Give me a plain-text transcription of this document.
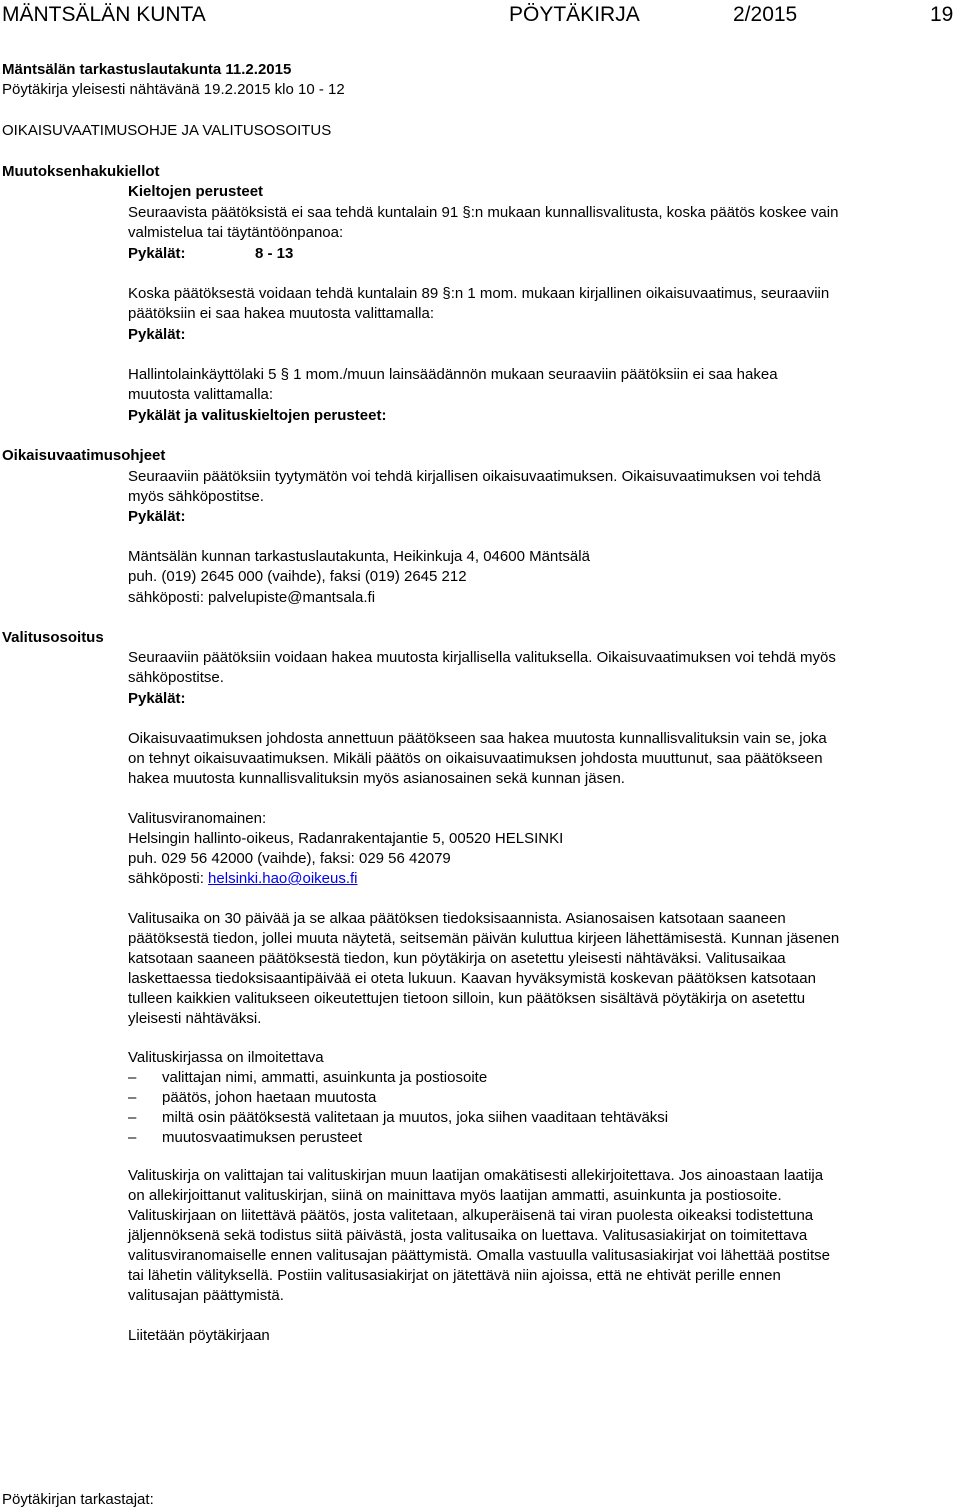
MÄNTSÄLÄN KUNTA	PÖYTÄKIRJA	2/2015	19
Mäntsälän tarkastuslautakunta 11.2.2015
Pöytäkirja yleisesti nähtävänä 19.2.2015 klo 10 - 12
OIKAISUVAATIMUSOHJE JA VALITUSOSOITUS
Muutoksenhakukiellot
Kieltojen perusteet
Seuraavista päätöksistä ei saa tehdä kuntalain 91 §:n mukaan kunnallisvalitusta, koska päätös koskee vain
valmistelua tai täytäntöönpanoa:
Pykälät:	8 - 13
Koska päätöksestä voidaan tehdä kuntalain 89 §:n 1 mom. mukaan kirjallinen oikaisuvaatimus, seuraaviin
päätöksiin ei saa hakea muutosta valittamalla:
Pykälät:
Hallintolainkäyttölaki 5 § 1 mom./muun lainsäädännön mukaan seuraaviin päätöksiin ei saa hakea
muutosta valittamalla:
Pykälät ja valituskieltojen perusteet:
Oikaisuvaatimusohjeet
Seuraaviin päätöksiin tyytymätön voi tehdä kirjallisen oikaisuvaatimuksen. Oikaisuvaatimuksen voi tehdä
myös sähköpostitse.
Pykälät:
Mäntsälän kunnan tarkastuslautakunta, Heikinkuja 4, 04600 Mäntsälä
puh. (019) 2645 000 (vaihde), faksi (019) 2645 212
sähköposti: palvelupiste@mantsala.fi
Valitusosoitus
Seuraaviin päätöksiin voidaan hakea muutosta kirjallisella valituksella. Oikaisuvaatimuksen voi tehdä myös
sähköpostitse.
Pykälät:
Oikaisuvaatimuksen johdosta annettuun päätökseen saa hakea muutosta kunnallisvalituksin vain se, joka
on tehnyt oikaisuvaatimuksen. Mikäli päätös on oikaisuvaatimuksen johdosta muuttunut, saa päätökseen
hakea muutosta kunnallisvalituksin myös asianosainen sekä kunnan jäsen.
Valitusviranomainen:
Helsingin hallinto-oikeus, Radanrakentajantie 5, 00520 HELSINKI
puh. 029 56 42000 (vaihde), faksi: 029 56 42079
sähköposti: helsinki.hao@oikeus.fi
Valitusaika on 30 päivää ja se alkaa päätöksen tiedoksisaannista. Asianosaisen katsotaan saaneen
päätöksestä tiedon, jollei muuta näytetä, seitsemän päivän kuluttua kirjeen lähettämisestä. Kunnan jäsenen
katsotaan saaneen päätöksestä tiedon, kun pöytäkirja on asetettu yleisesti nähtäväksi. Valitusaikaa
laskettaessa tiedoksisaantipäivää ei oteta lukuun. Kaavan hyväksymistä koskevan päätöksen katsotaan
tulleen kaikkien valitukseen oikeutettujen tietoon silloin, kun päätöksen sisältävä pöytäkirja on asetettu
yleisesti nähtäväksi.
Valituskirjassa on ilmoitettava
– valittajan nimi, ammatti, asuinkunta ja postiosoite
– päätös, johon haetaan muutosta
– miltä osin päätöksestä valitetaan ja muutos, joka siihen vaaditaan tehtäväksi
– muutosvaatimuksen perusteet
Valituskirja on valittajan tai valituskirjan muun laatijan omakätisesti allekirjoitettava. Jos ainoastaan laatija
on allekirjoittanut valituskirjan, siinä on mainittava myös laatijan ammatti, asuinkunta ja postiosoite.
Valituskirjaan on liitettävä päätös, josta valitetaan, alkuperäisenä tai viran puolesta oikeaksi todistettuna
jäljennöksenä sekä todistus siitä päivästä, josta valitusaika on luettava. Valitusasiakirjat on toimitettava
valitusviranomaiselle ennen valitusajan päättymistä. Omalla vastuulla valitusasiakirjat voi lähettää postitse
tai lähetin välityksellä. Postiin valitusasiakirjat on jätettävä niin ajoissa, että ne ehtivät perille ennen
valitusajan päättymistä.
Liitetään pöytäkirjaan
Pöytäkirjan tarkastajat:
